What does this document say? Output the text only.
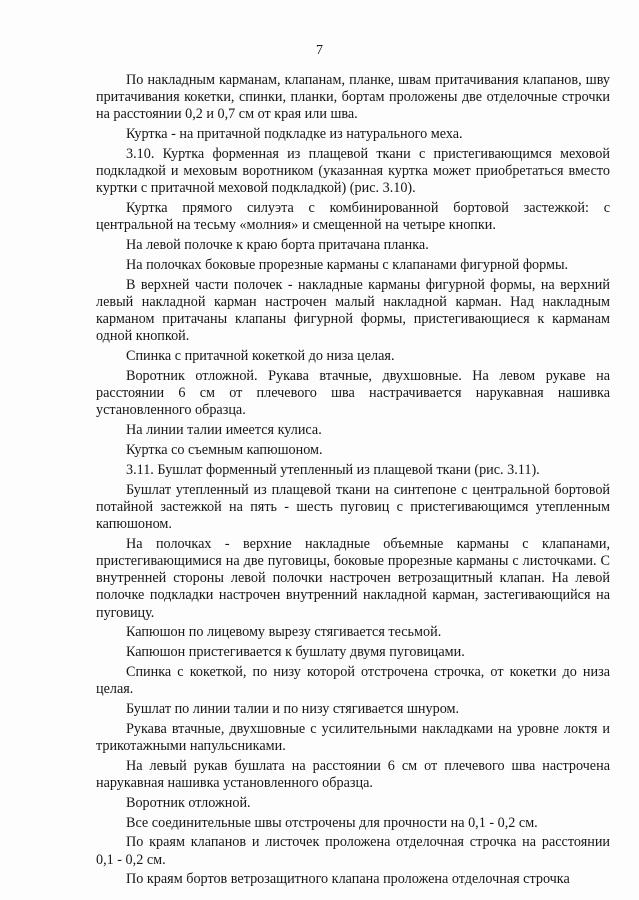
7

По накладным карманам, клапанам, планке, швам притачивания клапанов, шву притачивания кокетки, спинки, планки, бортам проложены две отделочные строчки на расстоянии 0,2 и 0,7 см от края или шва.

Куртка - на притачной подкладке из натурального меха.

3.10. Куртка форменная из плащевой ткани с пристегивающимся меховой подкладкой и меховым воротником (указанная куртка может приобретаться вместо куртки с притачной меховой подкладкой) (рис. 3.10).

Куртка прямого силуэта с комбинированной бортовой застежкой: с центральной на тесьму «молния» и смещенной на четыре кнопки.

На левой полочке к краю борта притачана планка.

На полочках боковые прорезные карманы с клапанами фигурной формы.

В верхней части полочек - накладные карманы фигурной формы, на верхний левый накладной карман настрочен малый накладной карман. Над накладным карманом притачаны клапаны фигурной формы, пристегивающиеся к карманам одной кнопкой.

Спинка с притачной кокеткой до низа целая.

Воротник отложной. Рукава втачные, двухшовные. На левом рукаве на расстоянии 6 см от плечевого шва настрачивается нарукавная нашивка установленного образца.

На линии талии имеется кулиса.

Куртка со съемным капюшоном.

3.11. Бушлат форменный утепленный из плащевой ткани (рис. 3.11).

Бушлат утепленный из плащевой ткани на синтепоне с центральной бортовой потайной застежкой на пять - шесть пуговиц с пристегивающимся утепленным капюшоном.

На полочках - верхние накладные объемные карманы с клапанами, пристегивающимися на две пуговицы, боковые прорезные карманы с листочками. С внутренней стороны левой полочки настрочен ветрозащитный клапан. На левой полочке подкладки настрочен внутренний накладной карман, застегивающийся на пуговицу.

Капюшон по лицевому вырезу стягивается тесьмой.

Капюшон пристегивается к бушлату двумя пуговицами.

Спинка с кокеткой, по низу которой отстрочена строчка, от кокетки до низа целая.

Бушлат по линии талии и по низу стягивается шнуром.

Рукава втачные, двухшовные с усилительными накладками на уровне локтя и трикотажными напульсниками.

На левый рукав бушлата на расстоянии 6 см от плечевого шва настрочена нарукавная нашивка установленного образца.

Воротник отложной.

Все соединительные швы отстрочены для прочности на 0,1 - 0,2 см.

По краям клапанов и листочек проложена отделочная строчка на расстоянии 0,1 - 0,2 см.

По краям бортов ветрозащитного клапана проложена отделочная строчка
